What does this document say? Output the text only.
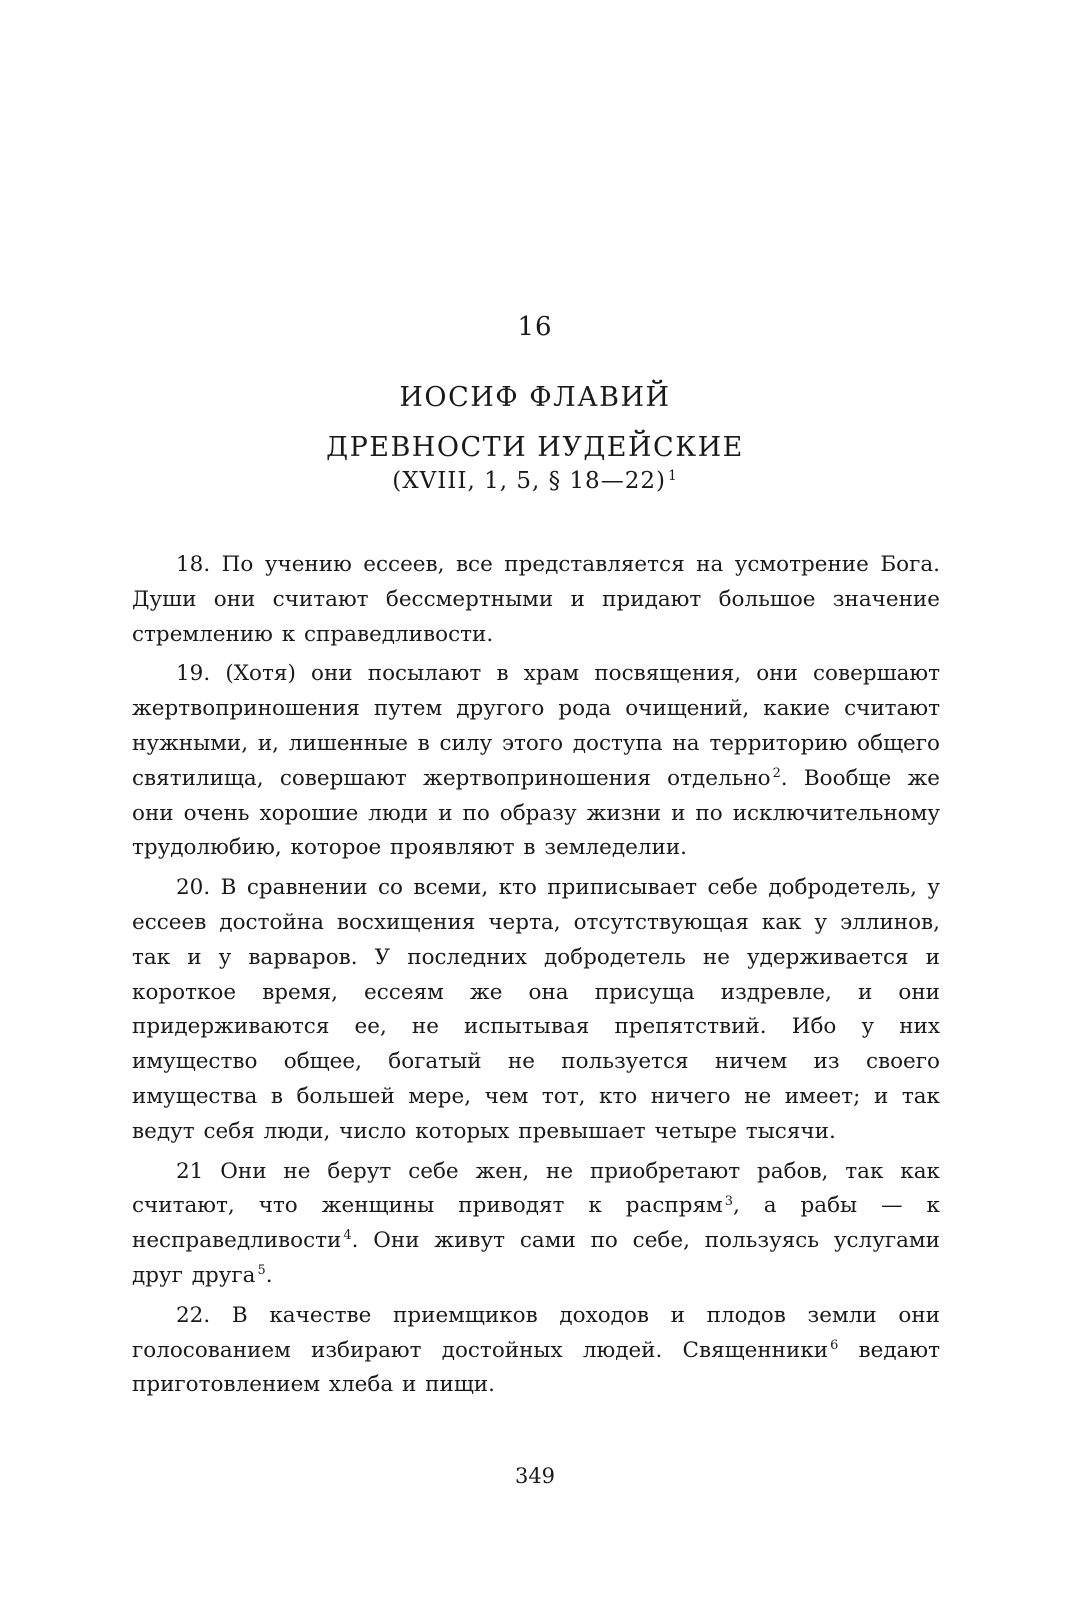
16
ИОСИФ ФЛАВИЙ
ДРЕВНОСТИ ИУДЕЙСКИЕ
(XVIII, 1, 5, § 18—22) $^1$

18. По учению ессеев, все представляется на усмотрение Бога. Души они считают бессмертными и придают большое значение стремлению к справедливости.

19. (Хотя) они посылают в храм посвящения, они совершают жертвоприношения путем другого рода очищений, какие считают нужными, и, лишенные в силу этого доступа на территорию общего святилища, совершают жертвоприношения отдельно $^2$. Вообще же они очень хорошие люди и по образу жизни и по исключительному трудолюбию, которое проявляют в земледелии.

20. В сравнении со всеми, кто приписывает себе добродетель, у ессеев достойна восхищения черта, отсутствующая как у эллинов, так и у варваров. У последних добродетель не удерживается и короткое время, ессеям же она присуща издревле, и они придерживаются ее, не испытывая препятствий. Ибо у них имущество общее, богатый не пользуется ничем из своего имущества в большей мере, чем тот, кто ничего не имеет; и так ведут себя люди, число которых превышает четыре тысячи.

21 Они не берут себе жен, не приобретают рабов, так как считают, что женщины приводят к распрям $^3$, а рабы — к несправедливости $^4$. Они живут сами по себе, пользуясь услугами друг друга $^5$.

22. В качестве приемщиков доходов и плодов земли они голосованием избирают достойных людей. Священники $^6$ ведают приготовлением хлеба и пищи.

349
